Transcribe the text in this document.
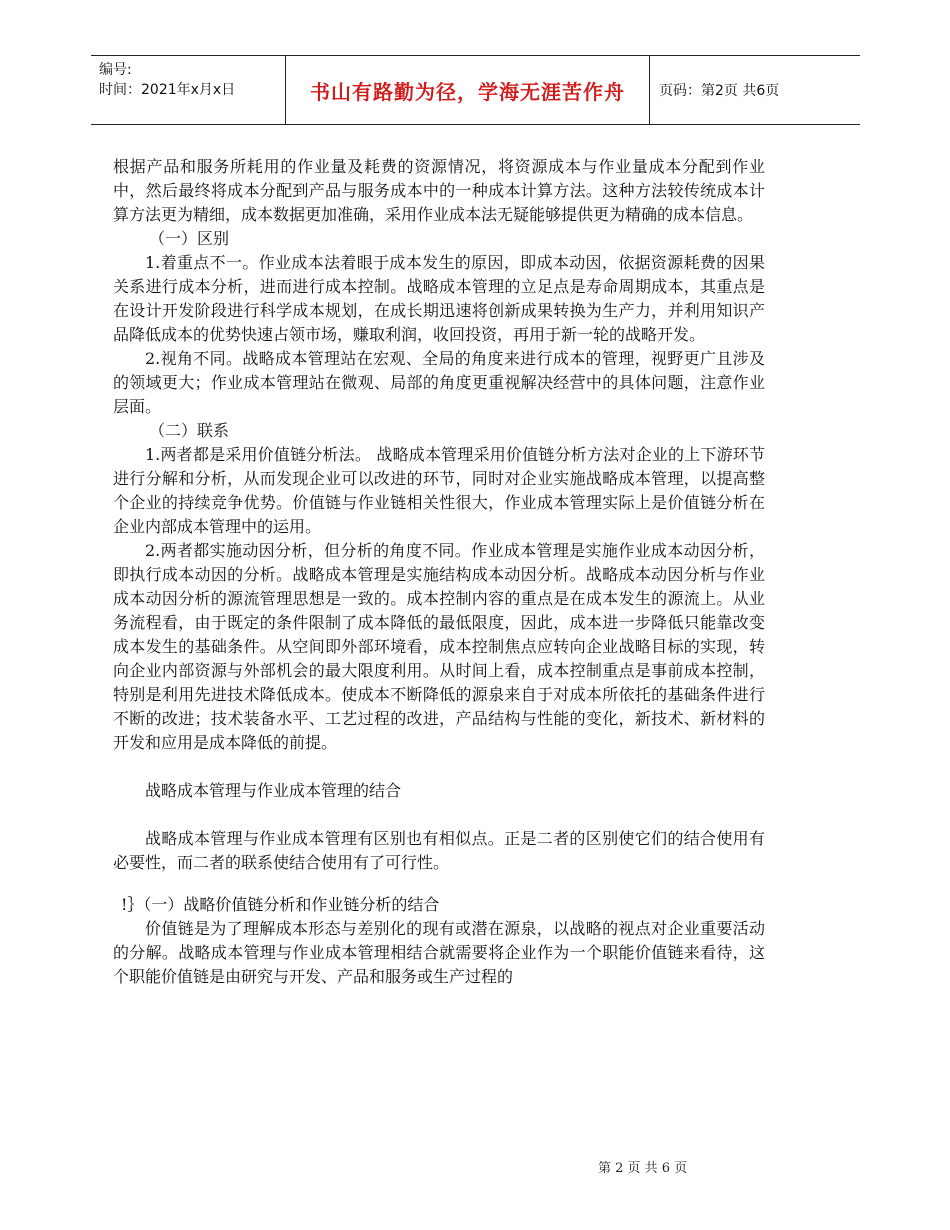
编号:
时间：2021年x月x日	书山有路勤为径，学海无涯苦作舟	页码：第2页 共6页

根据产品和服务所耗用的作业量及耗费的资源情况，将资源成本与作业量成本分配到作业中，然后最终将成本分配到产品与服务成本中的一种成本计算方法。这种方法较传统成本计算方法更为精细，成本数据更加准确，采用作业成本法无疑能够提供更为精确的成本信息。

（一）区别

1.着重点不一。作业成本法着眼于成本发生的原因，即成本动因，依据资源耗费的因果关系进行成本分析，进而进行成本控制。战略成本管理的立足点是寿命周期成本，其重点是在设计开发阶段进行科学成本规划，在成长期迅速将创新成果转换为生产力，并利用知识产品降低成本的优势快速占领市场，赚取利润，收回投资，再用于新一轮的战略开发。

2.视角不同。战略成本管理站在宏观、全局的角度来进行成本的管理，视野更广且涉及的领域更大；作业成本管理站在微观、局部的角度更重视解决经营中的具体问题，注意作业层面。

（二）联系

1.两者都是采用价值链分析法。 战略成本管理采用价值链分析方法对企业的上下游环节进行分解和分析，从而发现企业可以改进的环节，同时对企业实施战略成本管理，以提高整个企业的持续竞争优势。价值链与作业链相关性很大，作业成本管理实际上是价值链分析在企业内部成本管理中的运用。

2.两者都实施动因分析，但分析的角度不同。作业成本管理是实施作业成本动因分析，即执行成本动因的分析。战略成本管理是实施结构成本动因分析。战略成本动因分析与作业成本动因分析的源流管理思想是一致的。成本控制内容的重点是在成本发生的源流上。从业务流程看，由于既定的条件限制了成本降低的最低限度，因此，成本进一步降低只能靠改变成本发生的基础条件。从空间即外部环境看，成本控制焦点应转向企业战略目标的实现，转向企业内部资源与外部机会的最大限度利用。从时间上看，成本控制重点是事前成本控制，特别是利用先进技术降低成本。使成本不断降低的源泉来自于对成本所依托的基础条件进行不断的改进；技术装备水平、工艺过程的改进，产品结构与性能的变化，新技术、新材料的开发和应用是成本降低的前提。

战略成本管理与作业成本管理的结合

战略成本管理与作业成本管理有区别也有相似点。正是二者的区别使它们的结合使用有必要性，而二者的联系使结合使用有了可行性。

!｝（一）战略价值链分析和作业链分析的结合

价值链是为了理解成本形态与差别化的现有或潜在源泉，以战略的视点对企业重要活动的分解。战略成本管理与作业成本管理相结合就需要将企业作为一个职能价值链来看待，这个职能价值链是由研究与开发、产品和服务或生产过程的

第 2 页 共 6 页
